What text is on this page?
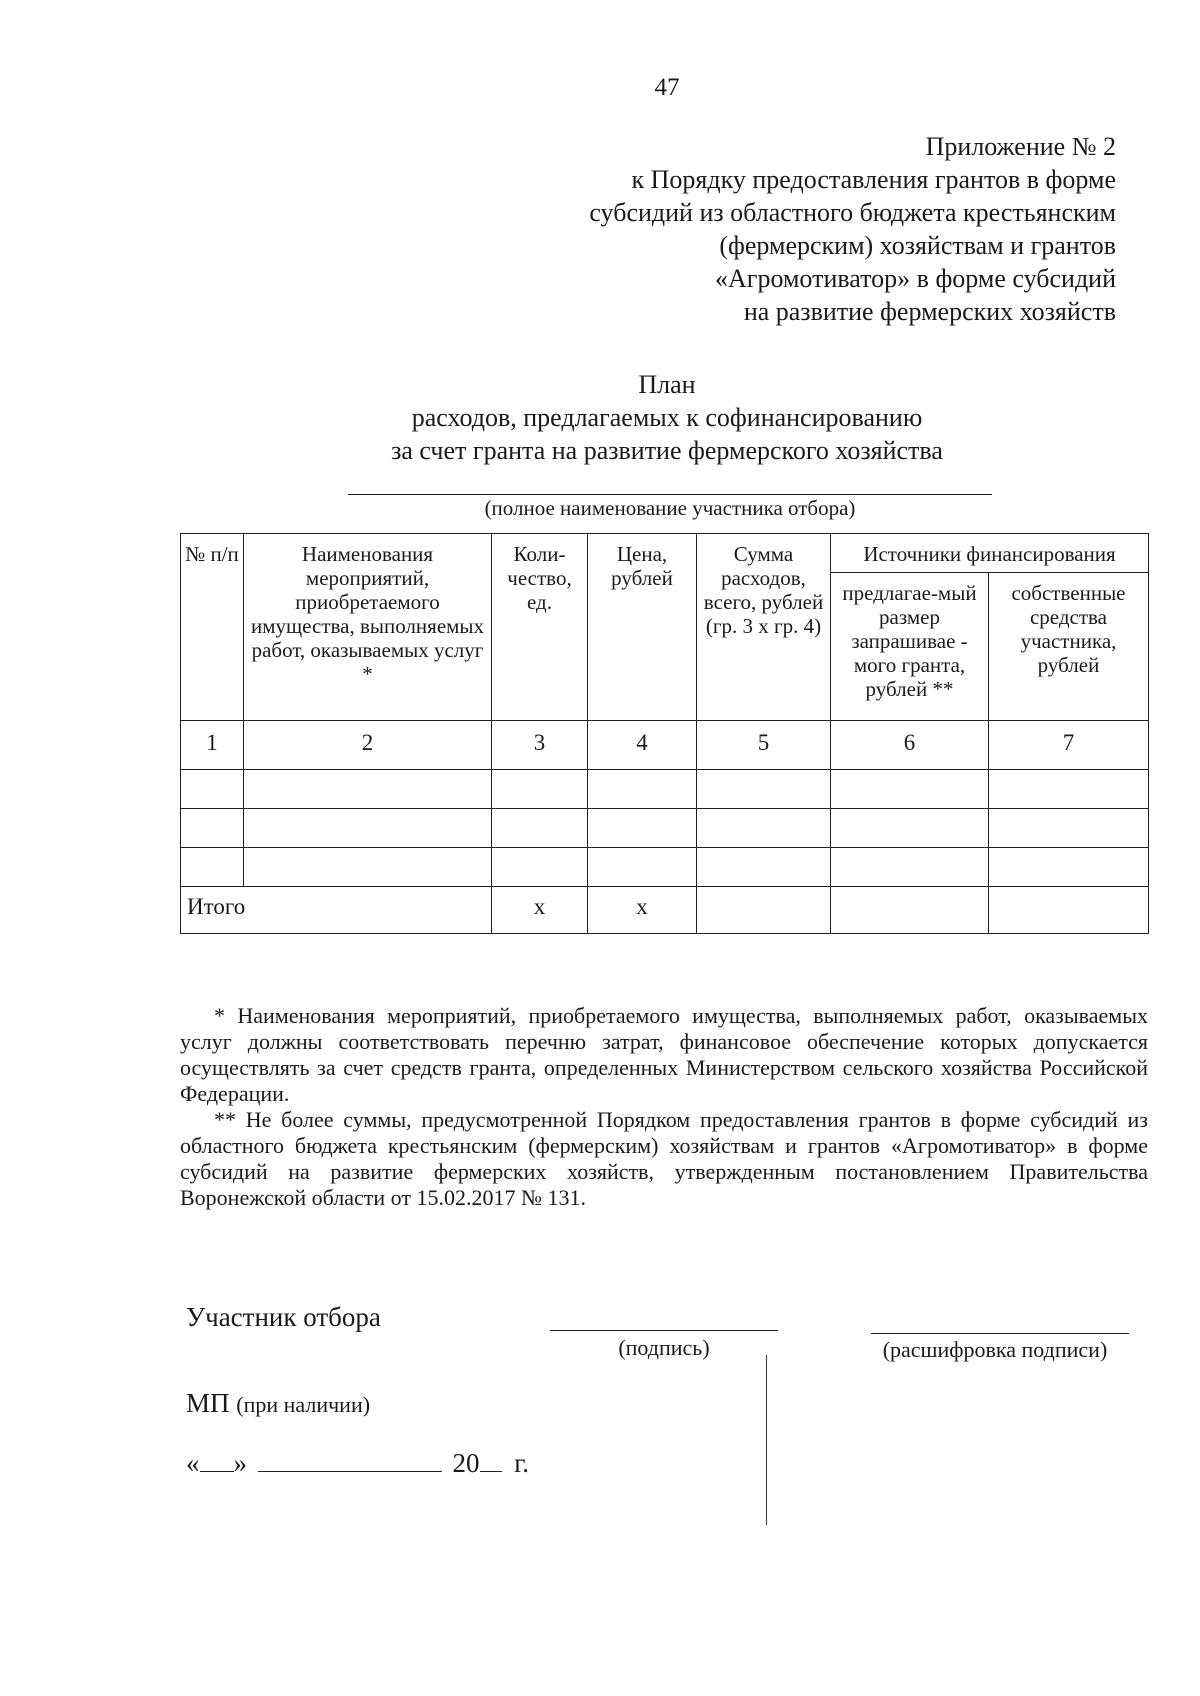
47
Приложение № 2
к Порядку предоставления грантов в форме
субсидий из областного бюджета крестьянским
(фермерским) хозяйствам и грантов
«Агромотиватор» в форме субсидий
на развитие фермерских хозяйств
План
расходов, предлагаемых к софинансированию
за счет гранта на развитие фермерского хозяйства
(полное наименование участника отбора)
№ п/п	Наименования мероприятий, приобретаемого имущества, выполняемых работ, оказываемых услуг *	Коли-чество, ед.	Цена, рублей	Сумма расходов, всего, рублей (гр. 3 х гр. 4)	Источники финансирования	
					предлагае-мый размер запрашивае - мого гранта, рублей **	собственные средства участника, рублей
1	2	3	4	5	6	7

Итого		х	х			

* Наименования мероприятий, приобретаемого имущества, выполняемых работ, оказываемых услуг должны соответствовать перечню затрат, финансовое обеспечение которых допускается осуществлять за счет средств гранта, определенных Министерством сельского хозяйства Российской Федерации.

** Не более суммы, предусмотренной Порядком предоставления грантов в форме субсидий из областного бюджета крестьянским (фермерским) хозяйствам и грантов «Агромотиватор» в форме субсидий на развитие фермерских хозяйств, утвержденным постановлением Правительства Воронежской области от 15.02.2017 № 131.

Участник отбора
(подпись)	(расшифровка подписи)
МП (при наличии)
« »	20 г.
